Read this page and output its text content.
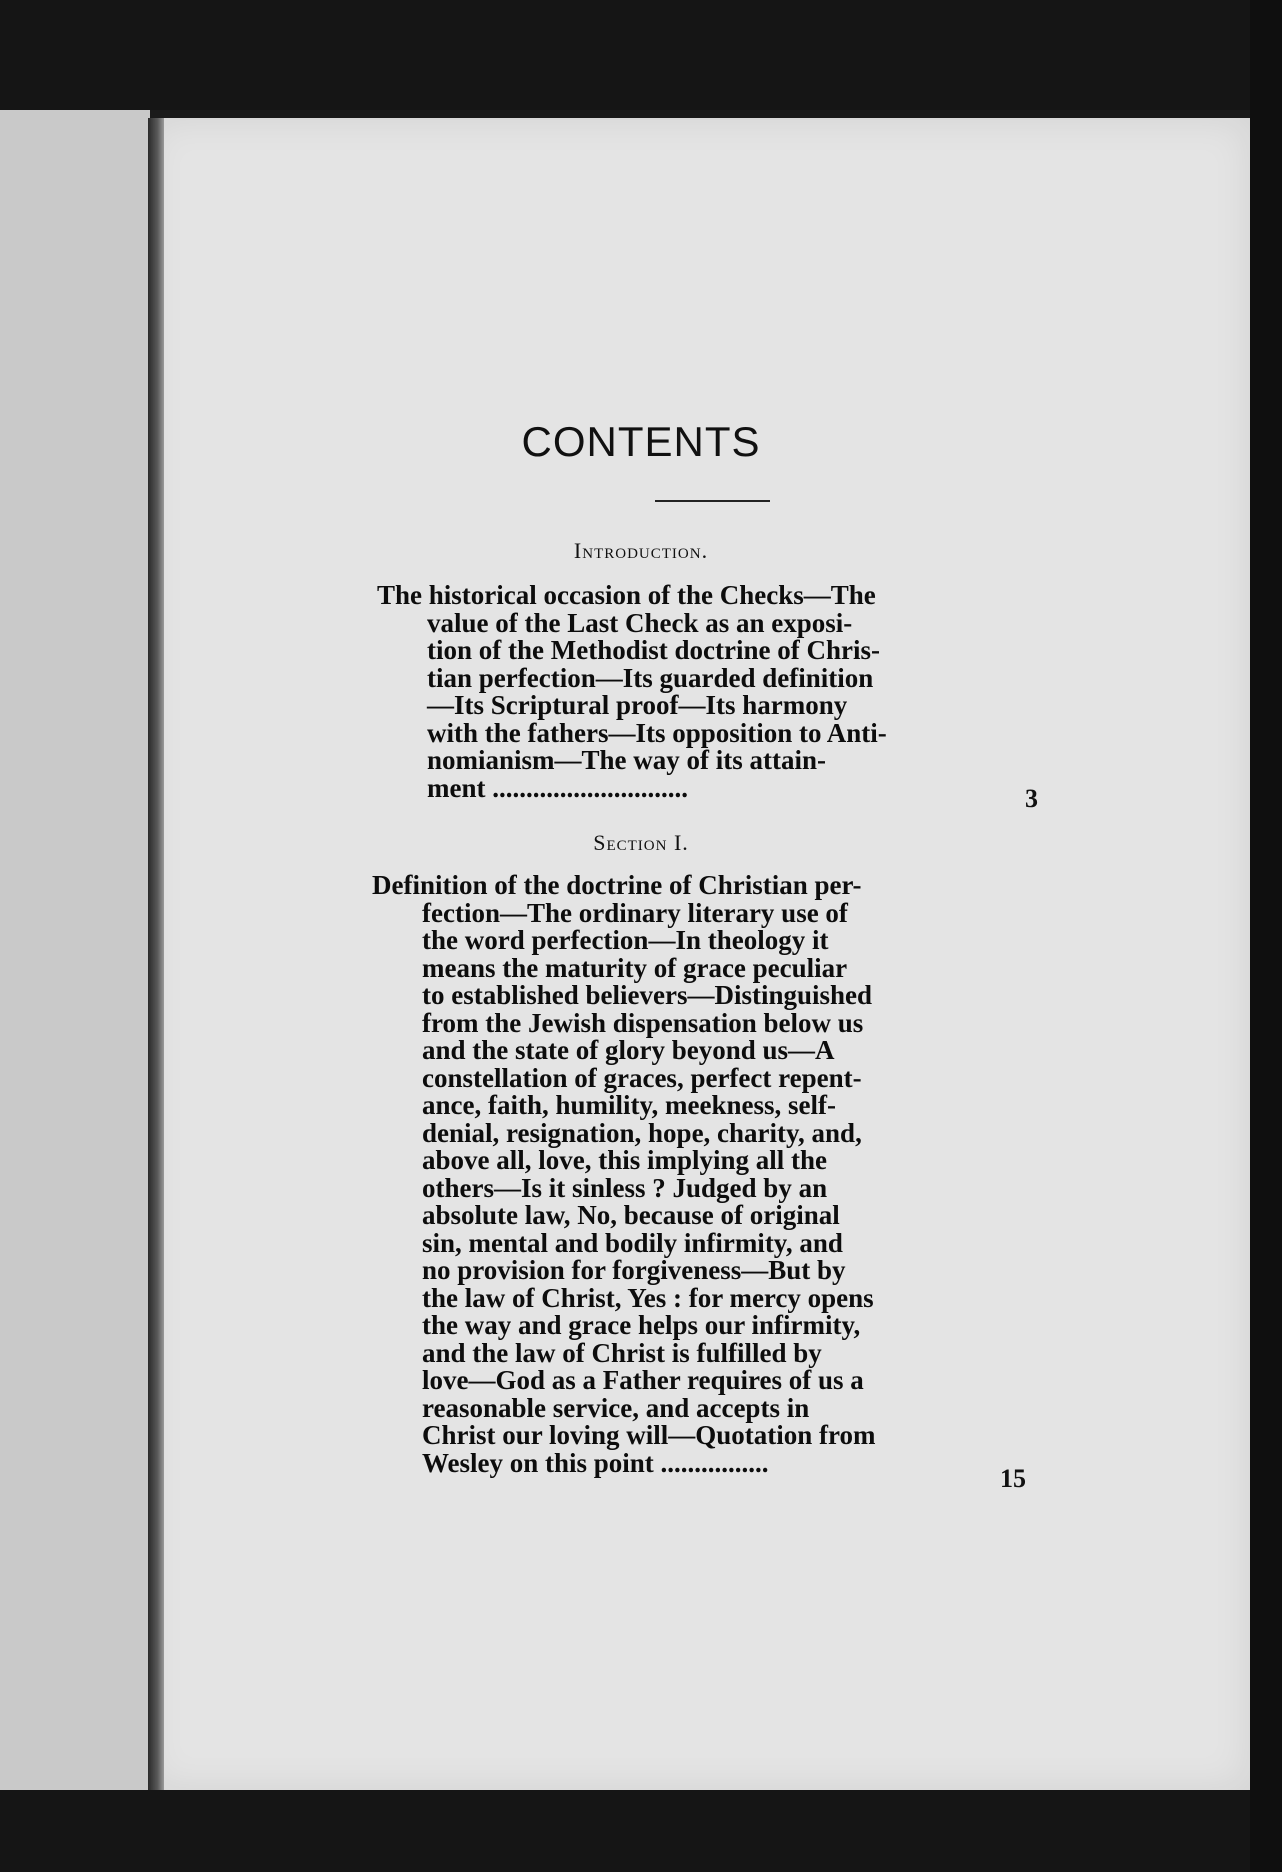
CONTENTS
Introduction.
The historical occasion of the Checks—The
value of the Last Check as an exposi-
tion of the Methodist doctrine of Chris-
tian perfection—Its guarded definition
—Its Scriptural proof—Its harmony
with the fathers—Its opposition to Anti-
nomianism—The way of its attain-
ment .............................	3
Section I.
Definition of the doctrine of Christian per-
fection—The ordinary literary use of
the word perfection—In theology it
means the maturity of grace peculiar
to established believers—Distinguished
from the Jewish dispensation below us
and the state of glory beyond us—A
constellation of graces, perfect repent-
ance, faith, humility, meekness, self-
denial, resignation, hope, charity, and,
above all, love, this implying all the
others—Is it sinless ? Judged by an
absolute law, No, because of original
sin, mental and bodily infirmity, and
no provision for forgiveness—But by
the law of Christ, Yes : for mercy opens
the way and grace helps our infirmity,
and the law of Christ is fulfilled by
love—God as a Father requires of us a
reasonable service, and accepts in
Christ our loving will—Quotation from
Wesley on this point ................
15
